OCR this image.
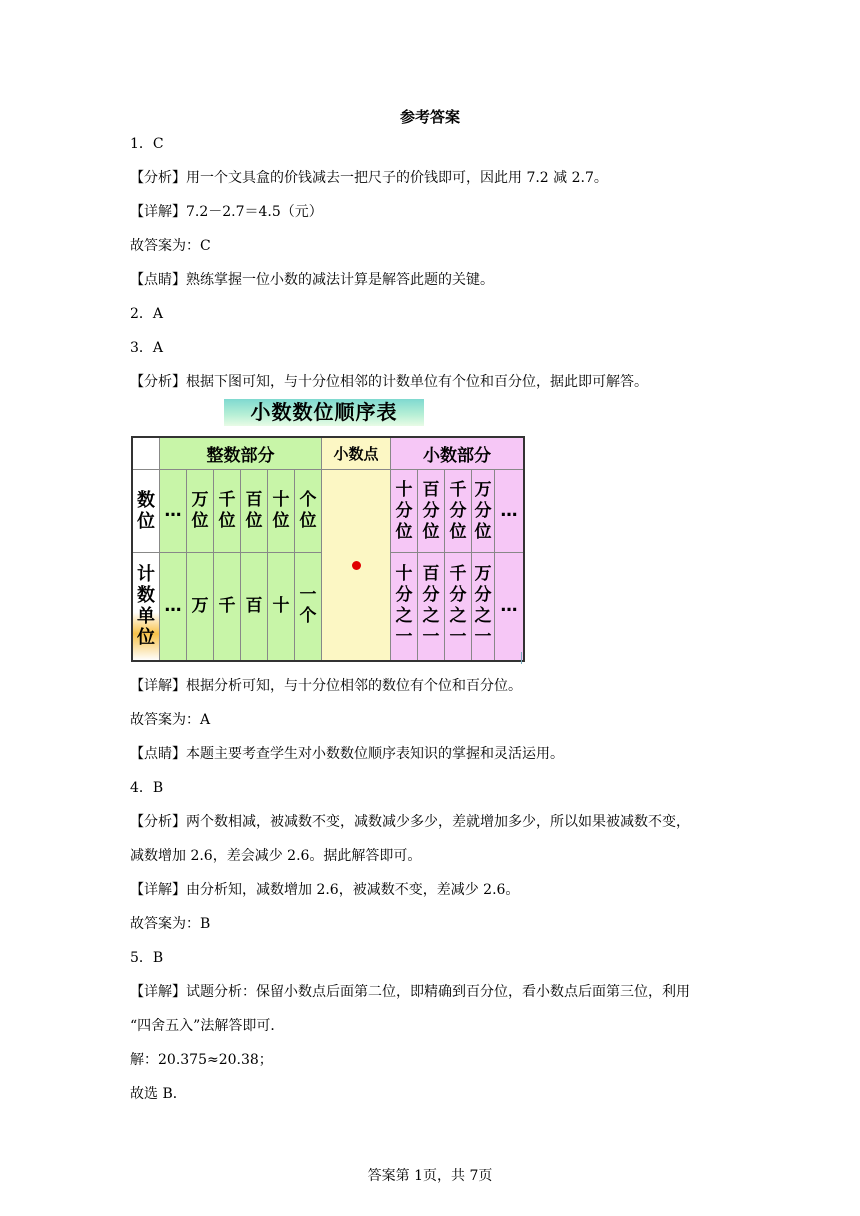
参考答案
1．C
【分析】用一个文具盒的价钱减去一把尺子的价钱即可，因此用 7.2 减 2.7。
【详解】7.2－2.7＝4.5（元）
故答案为：C
【点睛】熟练掌握一位小数的减法计算是解答此题的关键。
2．A
3．A
【分析】根据下图可知，与十分位相邻的计数单位有个位和百分位，据此即可解答。
小数数位顺序表
	整数部分						小数点	小数部分				
数位	…	万位	千位	百位	十位	个位		十分位	百分位	千分位	万分位	…
计数单位	…	万	千	百	十	一个		十分之一	百分之一	千分之一	万分之一	…
【详解】根据分析可知，与十分位相邻的数位有个位和百分位。
故答案为：A
【点睛】本题主要考查学生对小数数位顺序表知识的掌握和灵活运用。
4．B
【分析】两个数相减，被减数不变，减数减少多少，差就增加多少，所以如果被减数不变，
减数增加 2.6，差会减少 2.6。据此解答即可。
【详解】由分析知，减数增加 2.6，被减数不变，差减少 2.6。
故答案为：B
5．B
【详解】试题分析：保留小数点后面第二位，即精确到百分位，看小数点后面第三位，利用
“四舍五入”法解答即可．
解：20.375≈20.38；
故选 B．
答案第 1页，共 7页
